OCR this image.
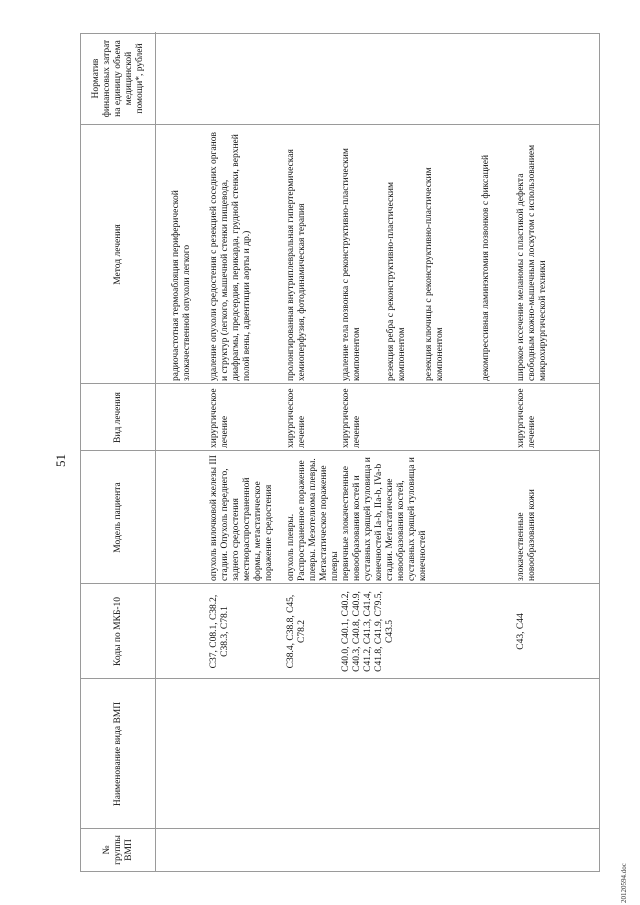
51
№ группы ВМП
Наименование вида ВМП
Коды по МКБ-10
Модель пациента
Вид лечения
Метод лечения
Норматив финансовых затрат на единицу объема медицинской помощи*, рублей
радиочастотная термоабляция периферической злокачественной опухоли легкого
C37, C08.1, C38.2, C38.3, C78.1
опухоль вилочковой железы III стадии. Опухоль переднего, заднего средостения местнораспространенной формы, метастатическое поражение средостения
хирургическое лечение
удаление опухоли средостения с резекцией соседних органов и структур (легкого, мышечной стенки пищевода, диафрагмы, предсердия, перикарда, грудной стенки, верхней полой вены, адвентиции аорты и др.)
C38.4, C38.8, C45, C78.2
опухоль плевры. Распространенное поражение плевры. Мезотелиома плевры. Метастатическое поражение плевры
хирургическое лечение
пролонгированная внутриплевральная гипертермическая хемиоперфузия, фотодинамическая терапия
C40.0, C40.1, C40.2, C40.3, C40.8, C40.9, C41.2, C41.3, C41.4, C41.8, C41.9, C79.5, C43.5
первичные злокачественные новообразования костей и суставных хрящей туловища и конечностей Ia-b, IIa-b, IVa-b стадии. Метастатические новообразования костей, суставных хрящей туловища и конечностей
хирургическое лечение
удаление тела позвонка с реконструктивно-пластическим компонентом	резекция ребра с реконструктивно-пластическим компонентом резекция ключицы с реконструктивно-пластическим компонентом	декомпрессивная ламинэктомия позвонков с фиксацией
C43, C44
злокачественные новообразования кожи
хирургическое лечение
широкое иссечение меланомы с пластикой дефекта свободным кожно-мышечным лоскутом с использованием микрохирургической техники
20120594.doc
